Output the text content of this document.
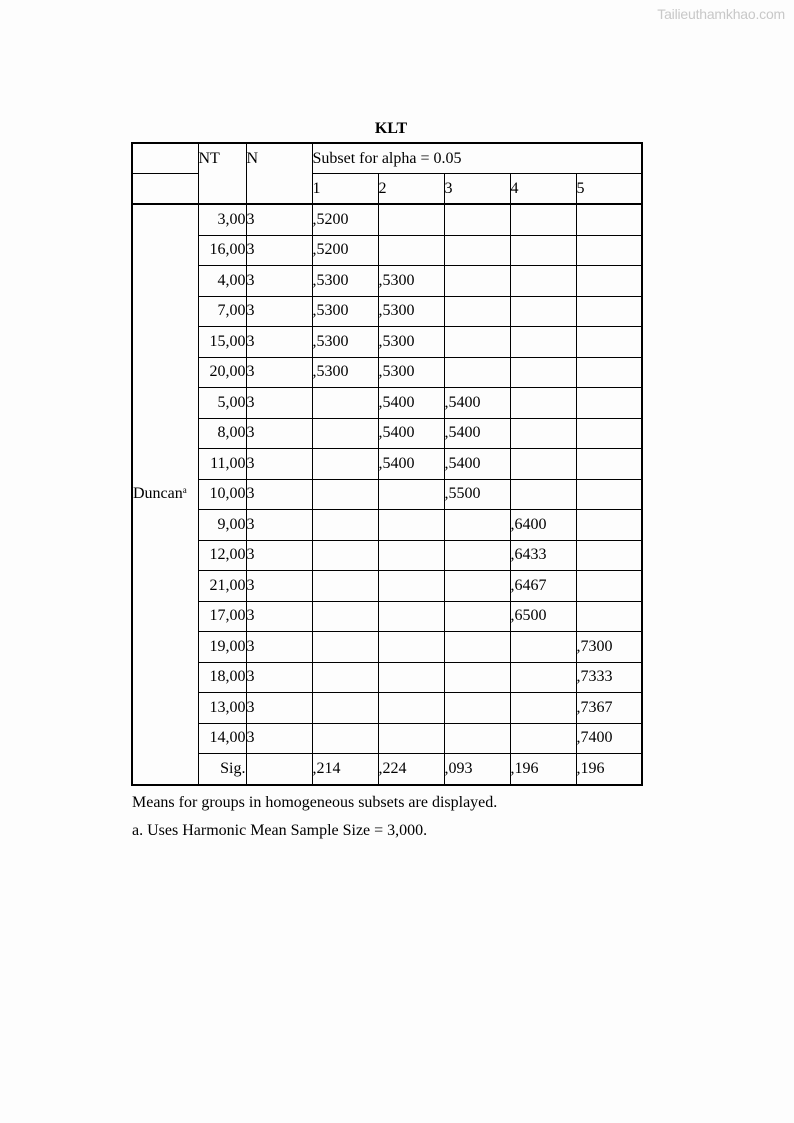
Tailieuthamkhao.com
KLT
	NT	N	Subset for alpha = 0.05				
			1	2	3	4	5
Duncan$^a$	3,00	3	,5200				
	16,00	3	,5200				
	4,00	3	,5300	,5300			
	7,00	3	,5300	,5300			
	15,00	3	,5300	,5300			
	20,00	3	,5300	,5300			
	5,00	3		,5400	,5400		
	8,00	3		,5400	,5400		
	11,00	3		,5400	,5400		
	10,00	3			,5500		
	9,00	3				,6400	
	12,00	3				,6433	
	21,00	3				,6467	
	17,00	3				,6500	
	19,00	3					,7300
	18,00	3					,7333
	13,00	3					,7367
	14,00	3					,7400
	Sig.		,214	,224	,093	,196	,196
Means for groups in homogeneous subsets are displayed.
a. Uses Harmonic Mean Sample Size = 3,000.
